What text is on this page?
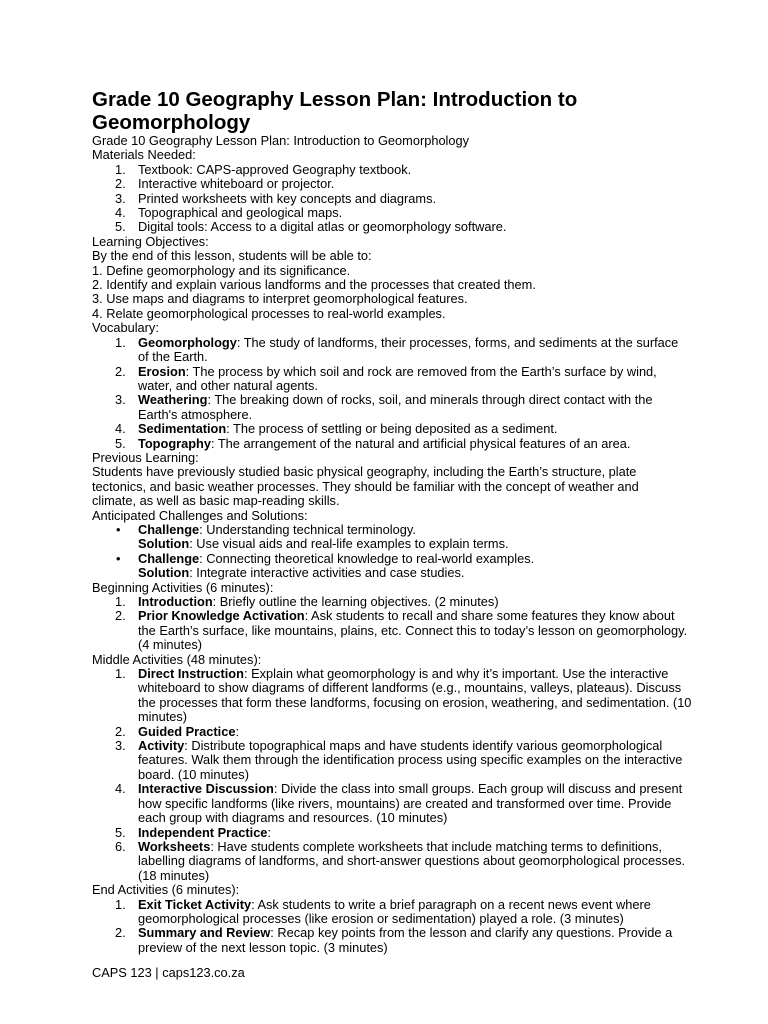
Grade 10 Geography Lesson Plan: Introduction to Geomorphology

Grade 10 Geography Lesson Plan: Introduction to Geomorphology

Materials Needed:

1. Textbook: CAPS-approved Geography textbook.
2. Interactive whiteboard or projector.
3. Printed worksheets with key concepts and diagrams.
4. Topographical and geological maps.
5. Digital tools: Access to a digital atlas or geomorphology software.

Learning Objectives:

By the end of this lesson, students will be able to:

1. Define geomorphology and its significance.

2. Identify and explain various landforms and the processes that created them.

3. Use maps and diagrams to interpret geomorphological features.

4. Relate geomorphological processes to real-world examples.

Vocabulary:

1. Geomorphology: The study of landforms, their processes, forms, and sediments at the surface of the Earth.
2. Erosion: The process by which soil and rock are removed from the Earth’s surface by wind, water, and other natural agents.
3. Weathering: The breaking down of rocks, soil, and minerals through direct contact with the Earth's atmosphere.
4. Sedimentation: The process of settling or being deposited as a sediment.
5. Topography: The arrangement of the natural and artificial physical features of an area.

Previous Learning:

Students have previously studied basic physical geography, including the Earth’s structure, plate tectonics, and basic weather processes. They should be familiar with the concept of weather and climate, as well as basic map-reading skills.

Anticipated Challenges and Solutions:

• Challenge: Understanding technical terminology.
Solution: Use visual aids and real-life examples to explain terms.
• Challenge: Connecting theoretical knowledge to real-world examples.
Solution: Integrate interactive activities and case studies.

Beginning Activities (6 minutes):

1. Introduction: Briefly outline the learning objectives. (2 minutes)
2. Prior Knowledge Activation: Ask students to recall and share some features they know about the Earth’s surface, like mountains, plains, etc. Connect this to today’s lesson on geomorphology. (4 minutes)

Middle Activities (48 minutes):

1. Direct Instruction: Explain what geomorphology is and why it’s important. Use the interactive whiteboard to show diagrams of different landforms (e.g., mountains, valleys, plateaus). Discuss the processes that form these landforms, focusing on erosion, weathering, and sedimentation. (10 minutes)
2. Guided Practice:
3. Activity: Distribute topographical maps and have students identify various geomorphological features. Walk them through the identification process using specific examples on the interactive board. (10 minutes)
4. Interactive Discussion: Divide the class into small groups. Each group will discuss and present how specific landforms (like rivers, mountains) are created and transformed over time. Provide each group with diagrams and resources. (10 minutes)
5. Independent Practice:
6. Worksheets: Have students complete worksheets that include matching terms to definitions, labelling diagrams of landforms, and short-answer questions about geomorphological processes. (18 minutes)

End Activities (6 minutes):

1. Exit Ticket Activity: Ask students to write a brief paragraph on a recent news event where geomorphological processes (like erosion or sedimentation) played a role. (3 minutes)
2. Summary and Review: Recap key points from the lesson and clarify any questions. Provide a preview of the next lesson topic. (3 minutes)
CAPS 123 | caps123.co.za
